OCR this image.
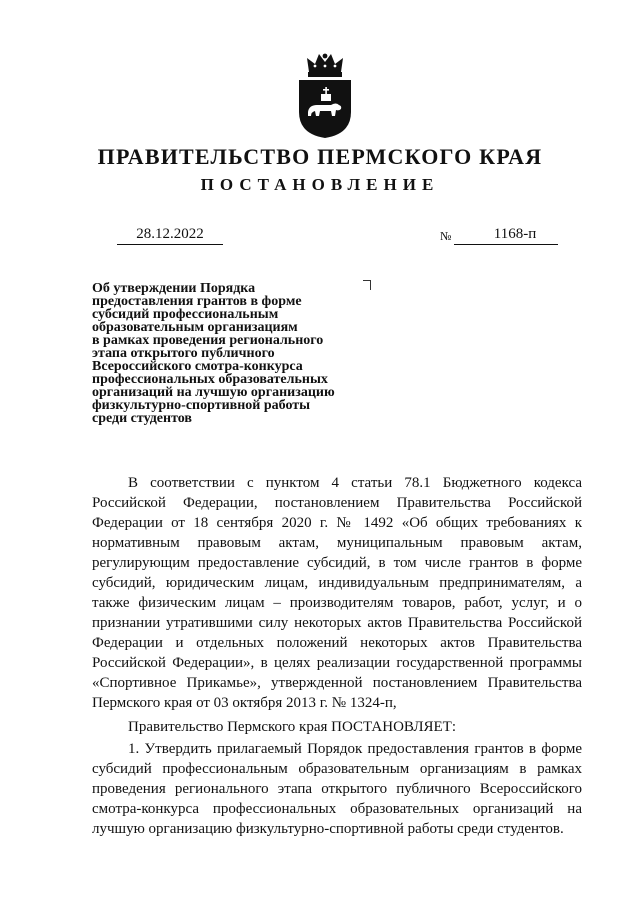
ПРАВИТЕЛЬСТВО ПЕРМСКОГО КРАЯ
ПОСТАНОВЛЕНИЕ
28.12.2022	№	1168-п
Об утверждении Порядка
предоставления грантов в форме
субсидий профессиональным
образовательным организациям
в рамках проведения регионального
этапа открытого публичного
Всероссийского смотра-конкурса
профессиональных образовательных
организаций на лучшую организацию
физкультурно-спортивной работы
среди студентов

В соответствии с пунктом 4 статьи 78.1 Бюджетного кодекса Российской Федерации, постановлением Правительства Российской Федерации от 18 сентября 2020 г. № 1492 «Об общих требованиях к нормативным правовым актам, муниципальным правовым актам, регулирующим предоставление субсидий, в том числе грантов в форме субсидий, юридическим лицам, индивидуальным предпринимателям, а также физическим лицам – производителям товаров, работ, услуг, и о признании утратившими силу некоторых актов Правительства Российской Федерации и отдельных положений некоторых актов Правительства Российской Федерации», в целях реализации государственной программы «Спортивное Прикамье», утвержденной постановлением Правительства Пермского края от 03 октября 2013 г. № 1324-п,

Правительство Пермского края ПОСТАНОВЛЯЕТ:

1. Утвердить прилагаемый Порядок предоставления грантов в форме субсидий профессиональным образовательным организациям в рамках проведения регионального этапа открытого публичного Всероссийского смотра-конкурса профессиональных образовательных организаций на лучшую организацию физкультурно-спортивной работы среди студентов.
